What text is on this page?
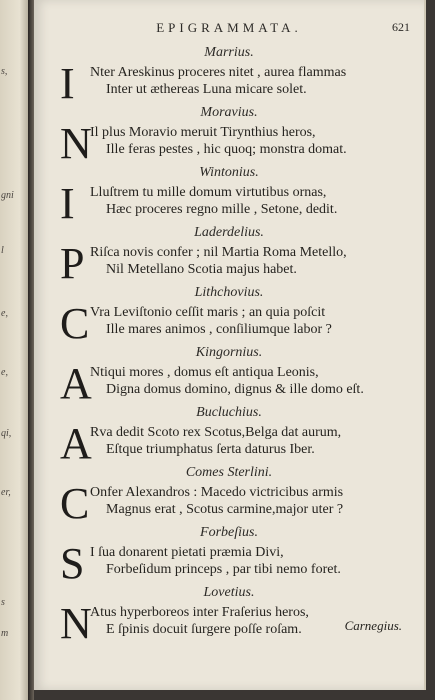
s,
gni
l
e,
e,
qi,
er,
s
m
EPIGRAMMATA.	621
Marrius.
I Nter Areskinus proceres nitet , aurea flammas
Inter ut æthereas Luna micare solet.
Moravius.
N
Il plus Moravio meruit Tirynthius heros,
Ille feras pestes , hic quoq; monstra domat.
Wintonius.
I Lluſtrem tu mille domum virtutibus ornas,
Hæc proceres regno mille , Setone, dedit.
Laderdelius.
P Riſca novis confer ; nil Martia Roma Metello,
Nil Metellano Scotia majus habet.
Lithchovius.
C Vra Leviſtonio ceſſit maris ; an quia poſcit
Ille mares animos , conſiliumque labor ?
Kingornius.
A
Ntiqui mores , domus eſt antiqua Leonis,
Digna domus domino, dignus & ille domo eſt.
Bucluchius.
A
Rva dedit Scoto rex Scotus,Belga dat aurum,
Eſtque triumphatus ſerta daturus Iber.
Comes Sterlini.
C Onfer Alexandros : Macedo victricibus armis
Magnus erat , Scotus carmine,major uter ?
Forbeſius.
S I ſua donarent pietati præmia Divi,
Forbeſidum princeps , par tibi nemo foret.
Lovetius.
N
Atus hyperboreos inter Fraſerius heros,
E ſpinis docuit ſurgere poſſe roſam.	Carnegius.
